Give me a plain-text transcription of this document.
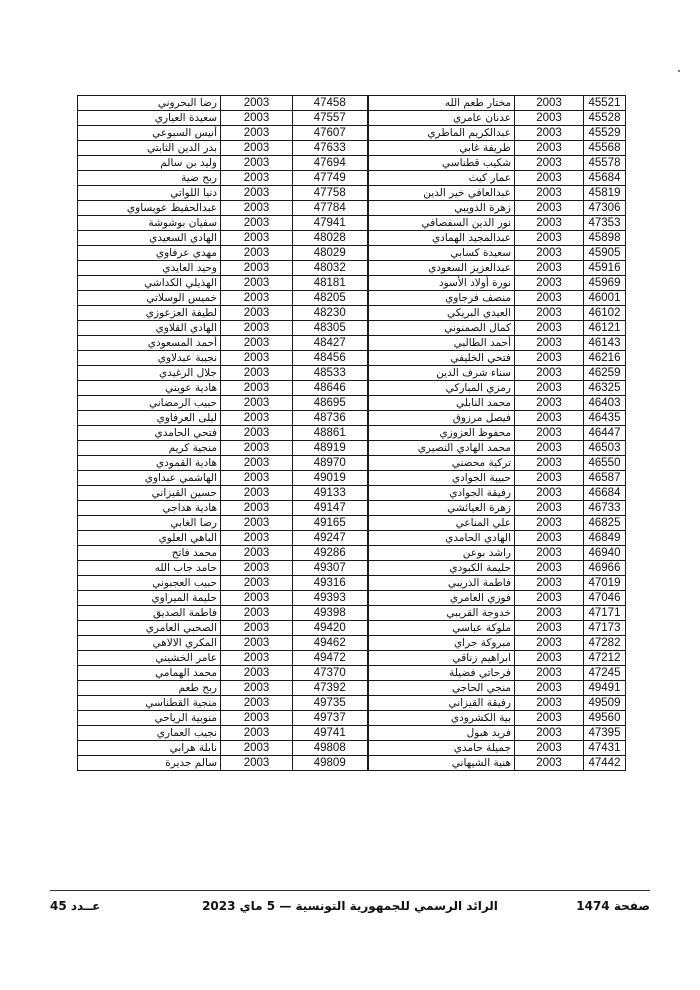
رضا البحروني	2003	47458	مختار طعم الله	2003	45521
سعيدة العياري	2003	47557	عدنان عامري	2003	45528
أنيس السبوعي	2003	47607	عبدالكريم الماطري	2003	45529
بدر الدين الثابتي	2003	47633	طريفة غابي	2003	45568
وليد بن سالم	2003	47694	شكيب قطناسي	2003	45578
ربح ضية	2003	47749	عمار كيث	2003	45684
دنيا اللواتي	2003	47758	عبدالعافي خير الدين	2003	45819
عبدالحفيظ عويساوي	2003	47784	زهرة الذويبي	2003	47306
سفيان بوشوشة	2003	47941	نور الدين السفصافي	2003	47353
الهادي السعيدي	2003	48028	عبدالمجيد الهمادي	2003	45898
مهدي عرفاوي	2003	48029	سعيدة كسابي	2003	45905
وحيد العايدي	2003	48032	عبدالعزيز السعودي	2003	45916
الهذيلي الكداشي	2003	48181	نورة أولاد الأسود	2003	45969
خميس الوسلاتي	2003	48205	منصف فرجاوي	2003	46001
لطيفة العزعوزي	2003	48230	العيدي البريكي	2003	46102
الهادي القلاوي	2003	48305	كمال الصمنوني	2003	46121
أحمد المسعودي	2003	48427	أحمد الطالبي	2003	46143
نجيبة عبدلاوي	2003	48456	فتحي الخليفي	2003	46216
جلال الرغيدي	2003	48533	سناء شرف الدين	2003	46259
هادية عويني	2003	48646	رمزي المباركي	2003	46325
حبيب الرمضاني	2003	48695	محمد النابلي	2003	46403
ليلى العرفاوي	2003	48736	فيصل مرزوق	2003	46435
فتحي الحامدي	2003	48861	محفوظ العزوزي	2003	46447
منجية كريم	2003	48919	محمد الهادي النصيري	2003	46503
هادية القمودي	2003	48970	تركية محصني	2003	46550
الهاشمي عبداوي	2003	49019	حبيبة الجوادي	2003	46587
حسين القيزاني	2003	49133	رفيقة الجوادي	2003	46684
هادية هداجي	2003	49147	زهرة العيائشي	2003	46733
رضا الغابي	2003	49165	علي المناعي	2003	46825
الباهي العلوي	2003	49247	الهادي الحامدي	2003	46849
محمد فاتح	2003	49286	راشد بوعن	2003	46940
حامد جاب الله	2003	49307	حليمة الكبودي	2003	46966
حبيب العجبوني	2003	49316	فاطمة الذريبي	2003	47019
حليمة الميراوي	2003	49393	فوزي العامري	2003	47046
فاطمة الصديق	2003	49398	خدوجة القريبي	2003	47171
الصحبي العامري	2003	49420	ملوكة عباسي	2003	47173
المكري الالاهي	2003	49462	مبروكة جراي	2003	47282
عامر الخشيني	2003	49472	ابراهيم زناقي	2003	47212
محمد الهمامي	2003	47370	فرحاتي فضيلة	2003	47245
ربح طعم	2003	47392	منجي الحاجي	2003	49491
منجية القطناسي	2003	49735	رفيقة القيزاني	2003	49509
منوبية الرياحي	2003	49737	بية الكشرودي	2003	49560
نجيب العماري	2003	49741	فريد هبول	2003	47395
نابلة هرابي	2003	49808	جميلة حامدي	2003	47431
سالم جديرة	2003	49809	هنية الشيهاني	2003	47442
صفحة 1474
الرائد الرسمي للجمهورية التونسية — 5 ماي 2023
عــدد 45
